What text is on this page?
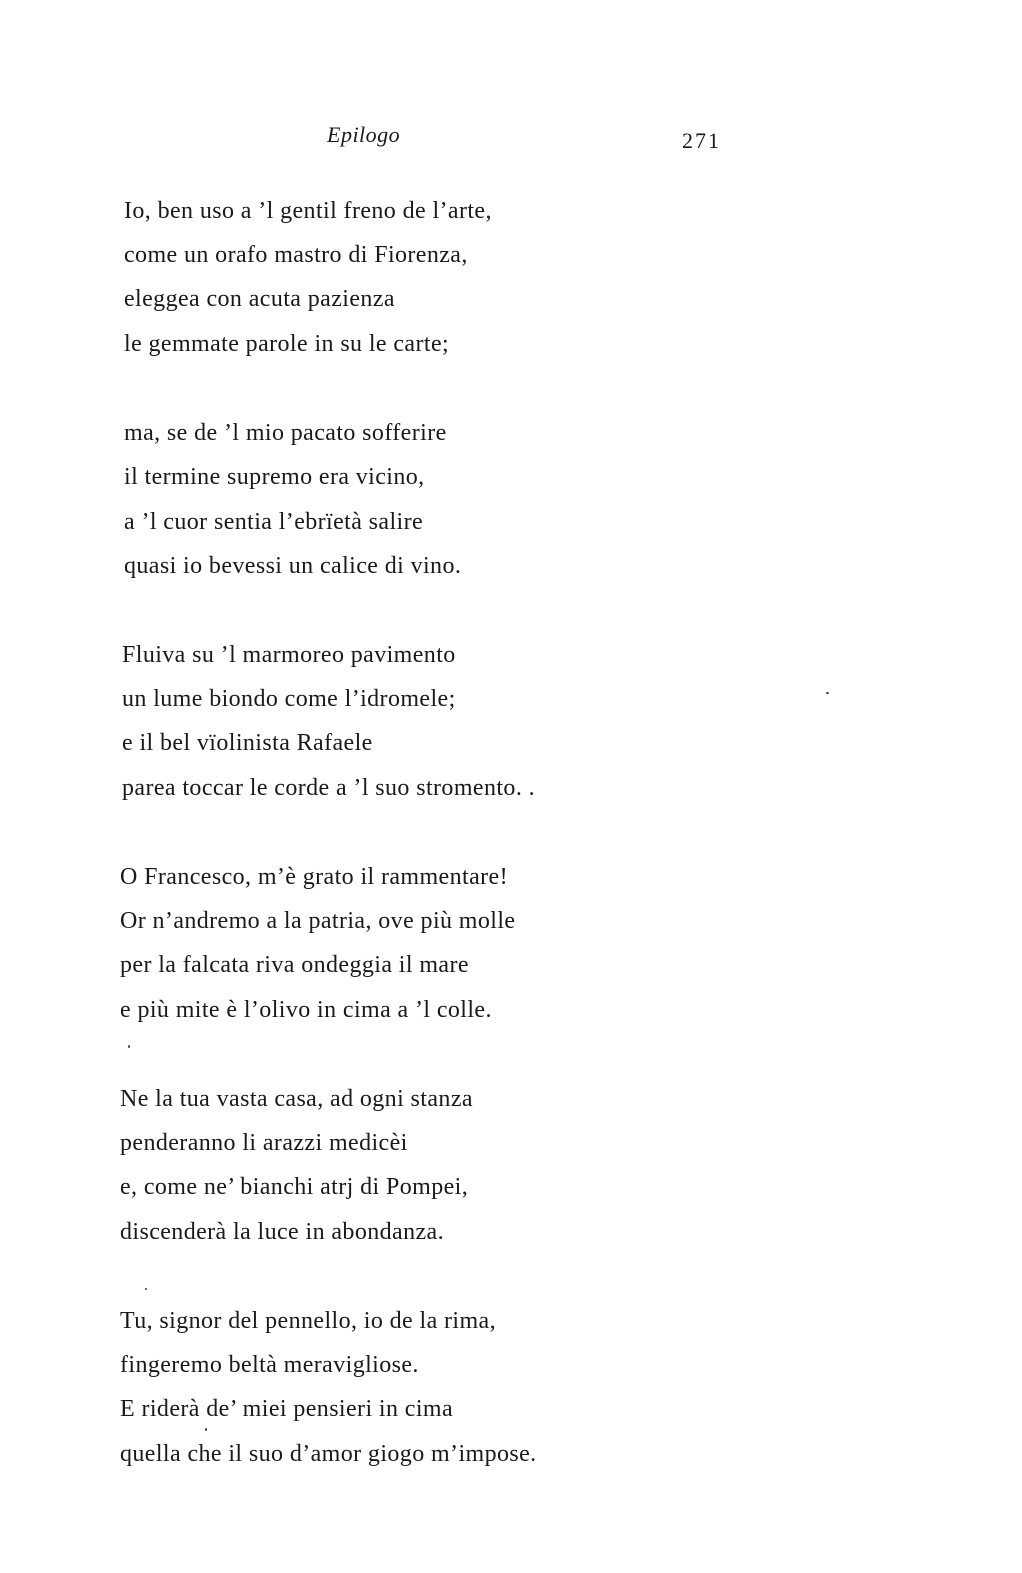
Epilogo	271
Io, ben uso a ’l gentil freno de l’arte,
come un orafo mastro di Fiorenza,
eleggea con acuta pazienza
le gemmate parole in su le carte;
ma, se de ’l mio pacato sofferire
il termine supremo era vicino,
a ’l cuor sentia l’ebrïetà salire
quasi io bevessi un calice di vino.
Fluiva su ’l marmoreo pavimento
un lume biondo come l’idromele;
e il bel vïolinista Rafaele
parea toccar le corde a ’l suo stromento. .
O Francesco, m’è grato il rammentare!
Or n’andremo a la patria, ove più molle
per la falcata riva ondeggia il mare
e più mite è l’olivo in cima a ’l colle.
Ne la tua vasta casa, ad ogni stanza
penderanno li arazzi medicèi
e, come ne’ bianchi atrj di Pompei,
discenderà la luce in abondanza.
Tu, signor del pennello, io de la rima,
fingeremo beltà meravigliose.
E riderà de’ miei pensieri in cima
quella che il suo d’amor giogo m’impose.
